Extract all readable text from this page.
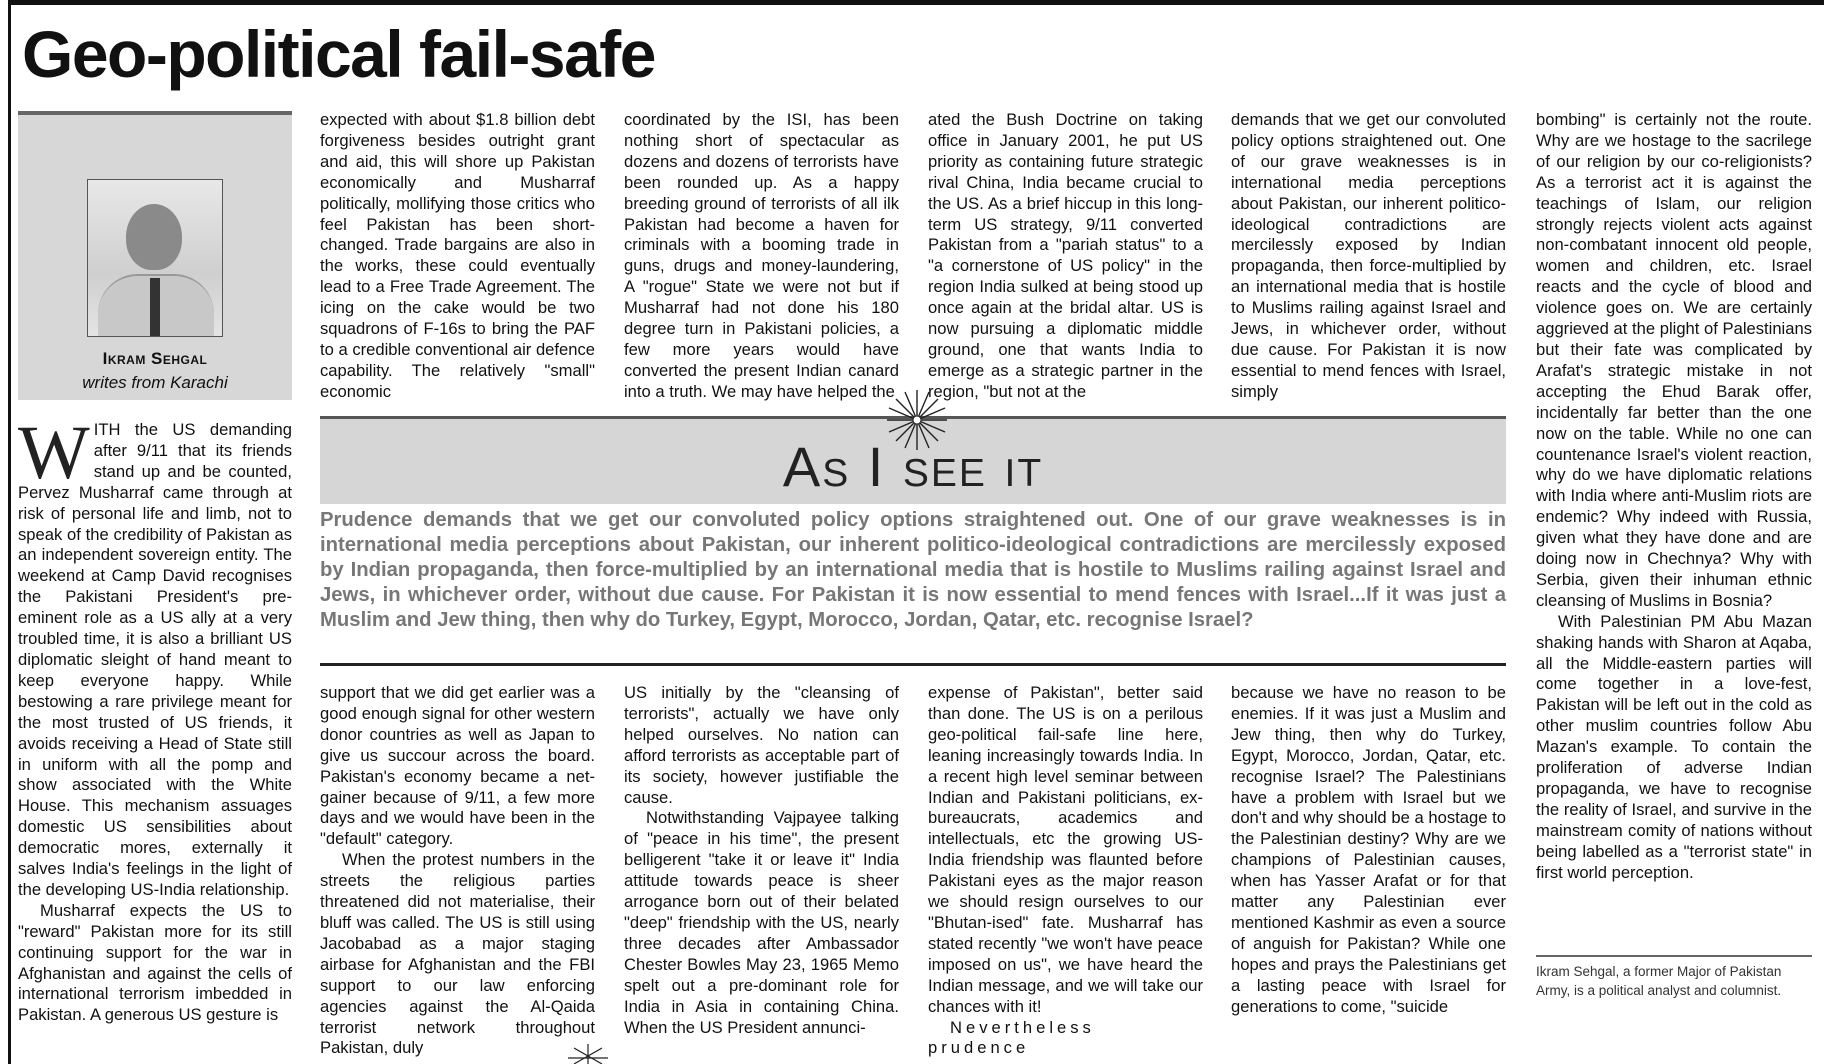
Geo-political fail-safe
Ikram Sehgal
writes from Karachi

WITH the US demanding after 9/11 that its friends stand up and be counted, Pervez Musharraf came through at risk of personal life and limb, not to speak of the credibility of Pakistan as an independent sovereign entity. The weekend at Camp David recognises the Pakistani President's pre-eminent role as a US ally at a very troubled time, it is also a brilliant US diplomatic sleight of hand meant to keep everyone happy. While bestowing a rare privilege meant for the most trusted of US friends, it avoids receiving a Head of State still in uniform with all the pomp and show associated with the White House. This mechanism assuages domestic US sensibilities about democratic mores, externally it salves India's feelings in the light of the developing US-India relationship.

Musharraf expects the US to "reward" Pakistan more for its still continuing support for the war in Afghanistan and against the cells of international terrorism imbedded in Pakistan. A generous US gesture is

expected with about $1.8 billion debt forgiveness besides outright grant and aid, this will shore up Pakistan economically and Musharraf politically, mollifying those critics who feel Pakistan has been short-changed. Trade bargains are also in the works, these could eventually lead to a Free Trade Agreement. The icing on the cake would be two squadrons of F-16s to bring the PAF to a credible conventional air defence capability. The relatively "small" economic

coordinated by the ISI, has been nothing short of spectacular as dozens and dozens of terrorists have been rounded up. As a happy breeding ground of terrorists of all ilk Pakistan had become a haven for criminals with a booming trade in guns, drugs and money-laundering, A "rogue" State we were not but if Musharraf had not done his 180 degree turn in Pakistani policies, a few more years would have converted the present Indian canard into a truth. We may have helped the

ated the Bush Doctrine on taking office in January 2001, he put US priority as containing future strategic rival China, India became crucial to the US. As a brief hiccup in this long-term US strategy, 9/11 converted Pakistan from a "pariah status" to a "a cornerstone of US policy" in the region India sulked at being stood up once again at the bridal altar. US is now pursuing a diplomatic middle ground, one that wants India to emerge as a strategic partner in the region, "but not at the

demands that we get our convoluted policy options straightened out. One of our grave weaknesses is in international media perceptions about Pakistan, our inherent politico-ideological contradictions are mercilessly exposed by Indian propaganda, then force-multiplied by an international media that is hostile to Muslims railing against Israel and Jews, in whichever order, without due cause. For Pakistan it is now essential to mend fences with Israel, simply

bombing" is certainly not the route. Why are we hostage to the sacrilege of our religion by our co-religionists? As a terrorist act it is against the teachings of Islam, our religion strongly rejects violent acts against non-combatant innocent old people, women and children, etc. Israel reacts and the cycle of blood and violence goes on. We are certainly aggrieved at the plight of Palestinians but their fate was complicated by Arafat's strategic mistake in not accepting the Ehud Barak offer, incidentally far better than the one now on the table. While no one can countenance Israel's violent reaction, why do we have diplomatic relations with India where anti-Muslim riots are endemic? Why indeed with Russia, given what they have done and are doing now in Chechnya? Why with Serbia, given their inhuman ethnic cleansing of Muslims in Bosnia?

With Palestinian PM Abu Mazan shaking hands with Sharon at Aqaba, all the Middle-eastern parties will come together in a love-fest, Pakistan will be left out in the cold as other muslim countries follow Abu Mazan's example. To contain the proliferation of adverse Indian propaganda, we have to recognise the reality of Israel, and survive in the mainstream comity of nations without being labelled as a "terrorist state" in first world perception.

As I see it
Prudence demands that we get our convoluted policy options straightened out. One of our grave weaknesses is in international media perceptions about Pakistan, our inherent politico-ideological contradictions are mercilessly exposed by Indian propaganda, then force-multiplied by an international media that is hostile to Muslims railing against Israel and Jews, in whichever order, without due cause. For Pakistan it is now essential to mend fences with Israel...If it was just a Muslim and Jew thing, then why do Turkey, Egypt, Morocco, Jordan, Qatar, etc. recognise Israel?

support that we did get earlier was a good enough signal for other western donor countries as well as Japan to give us succour across the board. Pakistan's economy became a net-gainer because of 9/11, a few more days and we would have been in the "default" category.

When the protest numbers in the streets the religious parties threatened did not materialise, their bluff was called. The US is still using Jacobabad as a major staging airbase for Afghanistan and the FBI support to our law enforcing agencies against the Al-Qaida terrorist network throughout Pakistan, duly

US initially by the "cleansing of terrorists", actually we have only helped ourselves. No nation can afford terrorists as acceptable part of its society, however justifiable the cause.

Notwithstanding Vajpayee talking of "peace in his time", the present belligerent "take it or leave it" India attitude towards peace is sheer arrogance born out of their belated "deep" friendship with the US, nearly three decades after Ambassador Chester Bowles May 23, 1965 Memo spelt out a pre-dominant role for India in Asia in containing China. When the US President annunci-

expense of Pakistan", better said than done. The US is on a perilous geo-political fail-safe line here, leaning increasingly towards India. In a recent high level seminar between Indian and Pakistani politicians, ex-bureaucrats, academics and intellectuals, etc the growing US-India friendship was flaunted before Pakistani eyes as the major reason we should resign ourselves to our "Bhutan-ised" fate. Musharraf has stated recently "we won't have peace imposed on us", we have heard the Indian message, and we will take our chances with it!

Nevertheless prudence

because we have no reason to be enemies. If it was just a Muslim and Jew thing, then why do Turkey, Egypt, Morocco, Jordan, Qatar, etc. recognise Israel? The Palestinians have a problem with Israel but we don't and why should be a hostage to the Palestinian destiny? Why are we champions of Palestinian causes, when has Yasser Arafat or for that matter any Palestinian ever mentioned Kashmir as even a source of anguish for Pakistan? While one hopes and prays the Palestinians get a lasting peace with Israel for generations to come, "suicide

Ikram Sehgal, a former Major of Pakistan Army, is a political analyst and columnist.
